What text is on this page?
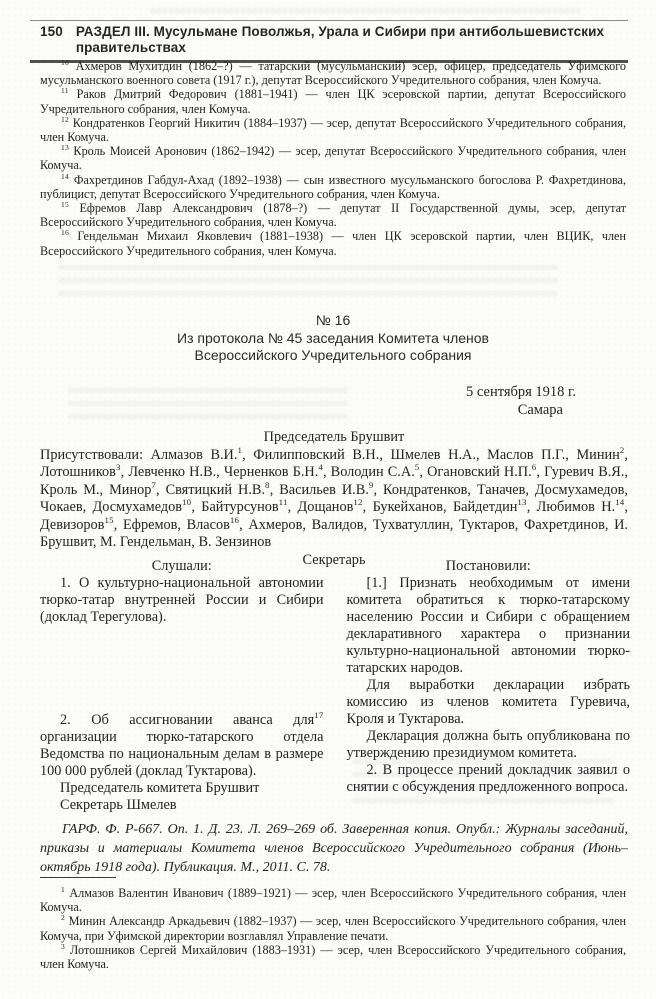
150 РАЗДЕЛ III. Мусульмане Поволжья, Урала и Сибири при антибольшевистских правительствах

$^{10}$ Ахмеров Мухитдин (1862–?) — татарский (мусульманский) эсер, офицер, председатель Уфимского мусульманского военного совета (1917 г.), депутат Всероссийского Учредительного собрания, член Комуча.

$^{11}$ Раков Дмитрий Федорович (1881–1941) — член ЦК эсеровской партии, депутат Всероссийского Учредительного собрания, член Комуча.

$^{12}$ Кондратенков Георгий Никитич (1884–1937) — эсер, депутат Всероссийского Учредительного собрания, член Комуча.

$^{13}$ Кроль Моисей Аронович (1862–1942) — эсер, депутат Всероссийского Учредительного собрания, член Комуча.

$^{14}$ Фахретдинов Габдул-Ахад (1892–1938) — сын известного мусульманского богослова Р. Фахретдинова, публицист, депутат Всероссийского Учредительного собрания, член Комуча.

$^{15}$ Ефремов Лавр Александрович (1878–?) — депутат II Государственной думы, эсер, депутат Всероссийского Учредительного собрания, член Комуча.

$^{16}$ Гендельман Михаил Яковлевич (1881–1938) — член ЦК эсеровской партии, член ВЦИК, член Всероссийского Учредительного собрания, член Комуча.

№ 16
Из протокола № 45 заседания Комитета членов
Всероссийского Учредительного собрания
5 сентября 1918 г.
Самара

Председатель Брушвит

Присутствовали: Алмазов В.И.$^1$, Филипповский В.Н., Шмелев Н.А., Маслов П.Г., Минин$^2$, Лотошников$^3$, Левченко Н.В., Черненков Б.Н.$^4$, Володин С.А.$^5$, Огановский Н.П.$^6$, Гуревич В.Я., Кроль М., Минор$^7$, Святицкий Н.В.$^8$, Васильев И.В.$^9$, Кондратенков, Таначев, Досмухамедов, Чокаев, Досмухамедов$^{10}$, Байтурсунов$^{11}$, Дощанов$^{12}$, Букейханов, Байдетдин$^{13}$, Любимов Н.$^{14}$, Девизоров$^{15}$, Ефремов, Власов$^{16}$, Ахмеров, Валидов, Тухватуллин, Туктаров, Фахретдинов, И. Брушвит, М. Гендельман, В. Зензинов

Секретарь

Слушали:

1. О культурно-национальной автономии тюрко-татар внутренней России и Сибири (доклад Терегулова).

2. Об ассигновании аванса для$^{17}$ организации тюрко-татарского отдела Ведомства по национальным делам в размере 100 000 рублей (доклад Туктарова).

Председатель комитета Брушвит

Секретарь Шмелев

Постановили:

[1.] Признать необходимым от имени комитета обратиться к тюрко-татарскому населению России и Сибири с обращением декларативного характера о признании культурно-национальной автономии тюрко-татарских народов.

Для выработки декларации избрать комиссию из членов комитета Гуревича, Кроля и Туктарова.

Декларация должна быть опубликована по утверждению президиумом комитета.

2. В процессе прений докладчик заявил о снятии с обсуждения предложенного вопроса.

ГАРФ. Ф. Р-667. Оп. 1. Д. 23. Л. 269–269 об. Заверенная копия. Опубл.: Журналы заседаний, приказы и материалы Комитета членов Всероссийского Учредительного собрания (Июнь–октябрь 1918 года). Публикация. М., 2011. С. 78.

$^1$ Алмазов Валентин Иванович (1889–1921) — эсер, член Всероссийского Учредительного собрания, член Комуча.

$^2$ Минин Александр Аркадьевич (1882–1937) — эсер, член Всероссийского Учредительного собрания, член Комуча, при Уфимской директории возглавлял Управление печати.

$^3$ Лотошников Сергей Михайлович (1883–1931) — эсер, член Всероссийского Учредительного собрания, член Комуча.
